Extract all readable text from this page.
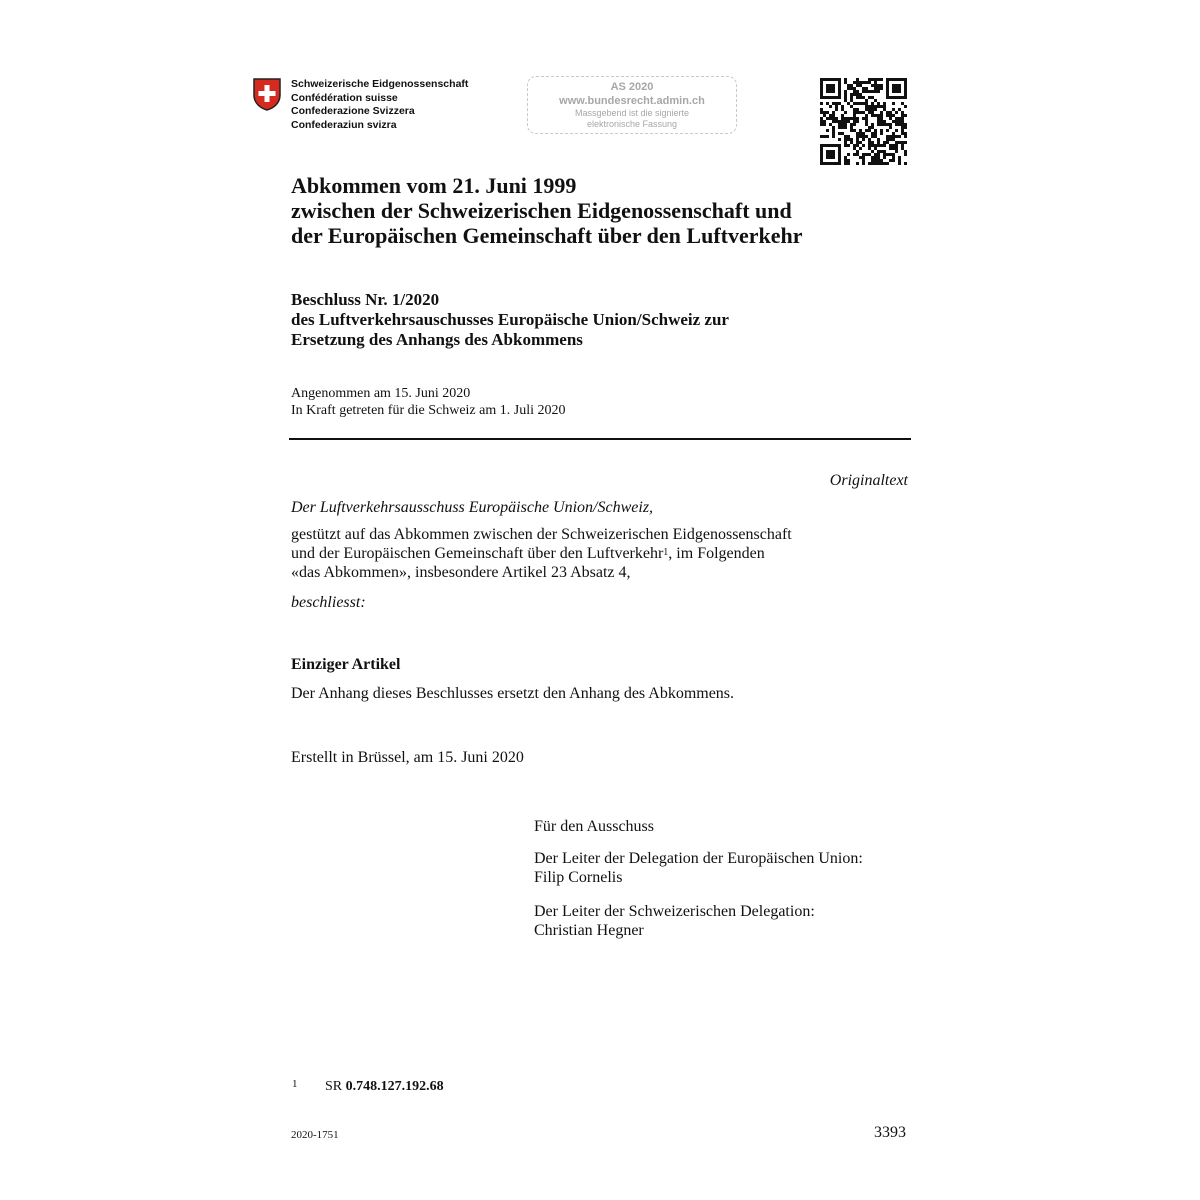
Schweizerische Eidgenossenschaft
Confédération suisse
Confederazione Svizzera
Confederaziun svizra
AS 2020
www.bundesrecht.admin.ch
Massgebend ist die signierte
elektronische Fassung
Abkommen vom 21. Juni 1999
zwischen der Schweizerischen Eidgenossenschaft und
der Europäischen Gemeinschaft über den Luftverkehr
Beschluss Nr. 1/2020
des Luftverkehrsauschusses Europäische Union/Schweiz zur
Ersetzung des Anhangs des Abkommens
Angenommen am 15. Juni 2020
In Kraft getreten für die Schweiz am 1. Juli 2020
Originaltext
Der Luftverkehrsausschuss Europäische Union/Schweiz,
gestützt auf das Abkommen zwischen der Schweizerischen Eidgenossenschaft
und der Europäischen Gemeinschaft über den Luftverkehr$^1$, im Folgenden
«das Abkommen», insbesondere Artikel 23 Absatz 4,
beschliesst:
Einziger Artikel
Der Anhang dieses Beschlusses ersetzt den Anhang des Abkommens.
Erstellt in Brüssel, am 15. Juni 2020
Für den Ausschuss
Der Leiter der Delegation der Europäischen Union:
Filip Cornelis
Der Leiter der Schweizerischen Delegation:
Christian Hegner
1 SR 0.748.127.192.68
2020-1751	3393
